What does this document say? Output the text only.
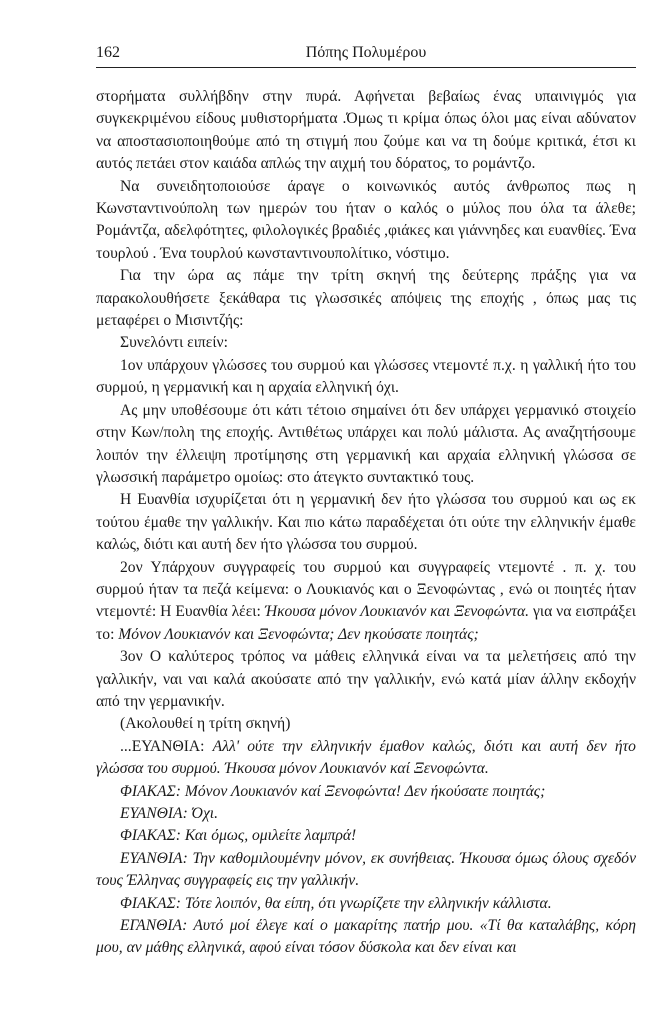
162	Πόπης Πολυμέρου

στορήματα συλλήβδην στην πυρά. Αφήνεται βεβαίως ένας υπαινιγμός για συγκεκριμένου είδους μυθιστορήματα .Όμως τι κρίμα όπως όλοι μας είναι αδύνατον να αποστασιοποιηθούμε από τη στιγμή που ζούμε και να τη δούμε κριτικά, έτσι κι αυτός πετάει στον καιάδα απλώς την αιχμή του δόρατος, το ρομάντζο.

Να συνειδητοποιούσε άραγε ο κοινωνικός αυτός άνθρωπος πως η Κωνσταντινούπολη των ημερών του ήταν ο καλός ο μύλος που όλα τα άλεθε; Ρομάντζα, αδελφότητες, φιλολογικές βραδιές ,φιάκες και γιάννηδες και ευανθίες. Ένα τουρλού . Ένα τουρλού κωνσταντινουπολίτικο, νόστιμο.

Για την ώρα ας πάμε την τρίτη σκηνή της δεύτερης πράξης για να παρακολουθήσετε ξεκάθαρα τις γλωσσικές απόψεις της εποχής , όπως μας τις μεταφέρει ο Μισιντζής:

Συνελόντι ειπείν:

1ον υπάρχουν γλώσσες του συρμού και γλώσσες ντεμοντέ π.χ. η γαλλική ήτο του συρμού, η γερμανική και η αρχαία ελληνική όχι.

Ας μην υποθέσουμε ότι κάτι τέτοιο σημαίνει ότι δεν υπάρχει γερμανικό στοιχείο στην Κων/πολη της εποχής. Αντιθέτως υπάρχει και πολύ μάλιστα. Ας αναζητήσουμε λοιπόν την έλλειψη προτίμησης στη γερμανική και αρχαία ελληνική γλώσσα σε γλωσσική παράμετρο ομοίως: στο άτεγκτο συντακτικό τους.

Η Ευανθία ισχυρίζεται ότι η γερμανική δεν ήτο γλώσσα του συρμού και ως εκ τούτου έμαθε την γαλλικήν. Και πιο κάτω παραδέχεται ότι ούτε την ελληνικήν έμαθε καλώς, διότι και αυτή δεν ήτο γλώσσα του συρμού.

2ον Υπάρχουν συγγραφείς του συρμού και συγγραφείς ντεμοντέ . π. χ. του συρμού ήταν τα πεζά κείμενα: ο Λουκιανός και ο Ξενοφώντας , ενώ οι ποιητές ήταν ντεμοντέ: Η Ευανθία λέει: Ήκουσα μόνον Λουκιανόν και Ξενοφώντα. για να εισπράξει το: Μόνον Λουκιανόν και Ξενοφώντα; Δεν ηκούσατε ποιητάς;

3ον Ο καλύτερος τρόπος να μάθεις ελληνικά είναι να τα μελετήσεις από την γαλλικήν, ναι ναι καλά ακούσατε από την γαλλικήν, ενώ κατά μίαν άλλην εκδοχήν από την γερμανικήν.

(Ακολουθεί η τρίτη σκηνή)

...ΕΥΑΝΘΙΑ: Αλλ' ούτε την ελληνικήν έμαθον καλώς, διότι και αυτή δεν ήτο γλώσσα του συρμού. Ήκουσα μόνον Λουκιανόν καί Ξενοφώντα.

ΦΙΑΚΑΣ: Μόνον Λουκιανόν καί Ξενοφώντα! Δεν ήκούσατε ποιητάς;

ΕΥΑΝΘΙΑ: Όχι.

ΦΙΑΚΑΣ: Και όμως, ομιλείτε λαμπρά!

ΕΥΑΝΘΙΑ: Την καθομιλουμένην μόνον, εκ συνήθειας. Ήκουσα όμως όλους σχεδόν τους Έλληνας συγγραφείς εις την γαλλικήν.

ΦΙΑΚΑΣ: Τότε λοιπόν, θα είπη, ότι γνωρίζετε την ελληνικήν κάλλιστα.

ΕΓΑΝΘΙΑ: Αυτό μοί έλεγε καί ο μακαρίτης πατήρ μου. «Τί θα καταλάβης, κόρη μου, αν μάθης ελληνικά, αφού είναι τόσον δύσκολα και δεν είναι και
